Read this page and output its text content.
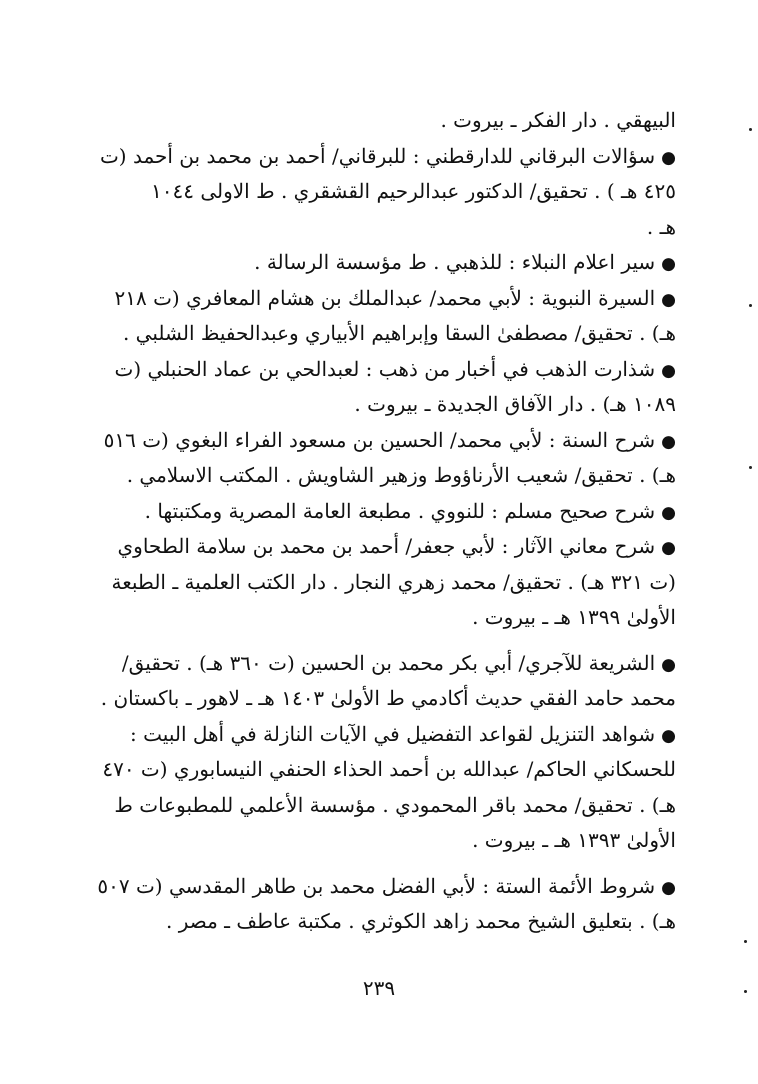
البيهقي . دار الفكر ـ بيروت .
●سؤالات البرقاني للدارقطني : للبرقاني/ أحمد بن محمد بن أحمد (ت
٤٢٥ هـ ) . تحقيق/ الدكتور عبدالرحيم القشقري . ط الاولى ١٠٤٤
هـ .
●سير اعلام النبلاء : للذهبي . ط مؤسسة الرسالة .
●السيرة النبوية : لأبي محمد/ عبدالملك بن هشام المعافري (ت ٢١٨
هـ) . تحقيق/ مصطفىٰ السقا وإبراهيم الأبياري وعبدالحفيظ الشلبي .
●شذارت الذهب في أخبار من ذهب : لعبدالحي بن عماد الحنبلي (ت
١٠٨٩ هـ) . دار الآفاق الجديدة ـ بيروت .
●شرح السنة : لأبي محمد/ الحسين بن مسعود الفراء البغوي (ت ٥١٦
هـ) . تحقيق/ شعيب الأرناؤوط وزهير الشاويش . المكتب الاسلامي .
●شرح صحيح مسلم : للنووي . مطبعة العامة المصرية ومكتبتها .
●شرح معاني الآثار : لأبي جعفر/ أحمد بن محمد بن سلامة الطحاوي
(ت ٣٢١ هـ) . تحقيق/ محمد زهري النجار . دار الكتب العلمية ـ الطبعة
الأولىٰ ١٣٩٩ هـ ـ بيروت .
●الشريعة للآجري/ أبي بكر محمد بن الحسين (ت ٣٦٠ هـ) . تحقيق/
محمد حامد الفقي حديث أكادمي ط الأولىٰ ١٤٠٣ هـ ـ لاهور ـ باكستان .
●شواهد التنزيل لقواعد التفضيل في الآيات النازلة في أهل البيت :
للحسكاني الحاكم/ عبدالله بن أحمد الحذاء الحنفي النيسابوري (ت ٤٧٠
هـ) . تحقيق/ محمد باقر المحمودي . مؤسسة الأعلمي للمطبوعات ط
الأولىٰ ١٣٩٣ هـ ـ بيروت .
●شروط الأئمة الستة : لأبي الفضل محمد بن طاهر المقدسي (ت ٥٠٧
هـ) . بتعليق الشيخ محمد زاهد الكوثري . مكتبة عاطف ـ مصر .
٢٣٩
